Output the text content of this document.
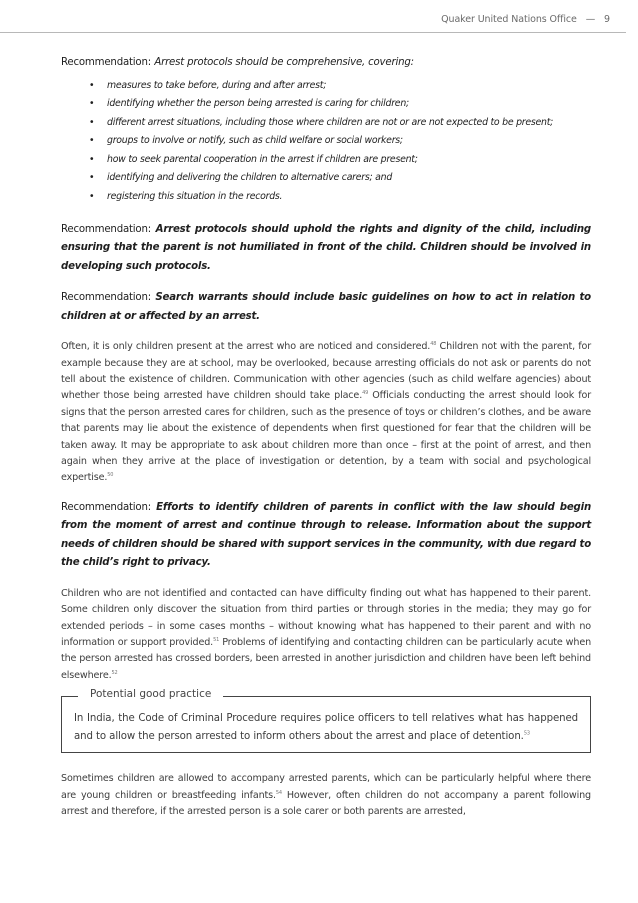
Quaker United Nations Office — 9

Recommendation: Arrest protocols should be comprehensive, covering:

• measures to take before, during and after arrest;
• identifying whether the person being arrested is caring for children;
• different arrest situations, including those where children are not or are not expected to be present;
• groups to involve or notify, such as child welfare or social workers;
• how to seek parental cooperation in the arrest if children are present;
• identifying and delivering the children to alternative carers; and
• registering this situation in the records.

Recommendation: Arrest protocols should uphold the rights and dignity of the child, including ensuring that the parent is not humiliated in front of the child. Children should be involved in developing such protocols.

Recommendation: Search warrants should include basic guidelines on how to act in relation to children at or affected by an arrest.

Often, it is only children present at the arrest who are noticed and considered.$^{48}$ Children not with the parent, for example because they are at school, may be overlooked, because arresting officials do not ask or parents do not tell about the existence of children. Communication with other agencies (such as child welfare agencies) about whether those being arrested have children should take place.$^{49}$ Officials conducting the arrest should look for signs that the person arrested cares for children, such as the presence of toys or children’s clothes, and be aware that parents may lie about the existence of dependents when first questioned for fear that the children will be taken away. It may be appropriate to ask about children more than once – first at the point of arrest, and then again when they arrive at the place of investigation or detention, by a team with social and psychological expertise.$^{50}$

Recommendation: Efforts to identify children of parents in conflict with the law should begin from the moment of arrest and continue through to release. Information about the support needs of children should be shared with support services in the community, with due regard to the child’s right to privacy.

Children who are not identified and contacted can have difficulty finding out what has happened to their parent. Some children only discover the situation from third parties or through stories in the media; they may go for extended periods – in some cases months – without knowing what has happened to their parent and with no information or support provided.$^{51}$ Problems of identifying and contacting children can be particularly acute when the person arrested has crossed borders, been arrested in another jurisdiction and children have been left behind elsewhere.$^{52}$

Potential good practice

In India, the Code of Criminal Procedure requires police officers to tell relatives what has happened and to allow the person arrested to inform others about the arrest and place of detention.$^{53}$

Sometimes children are allowed to accompany arrested parents, which can be particularly helpful where there are young children or breastfeeding infants.$^{54}$ However, often children do not accompany a parent following arrest and therefore, if the arrested person is a sole carer or both parents are arrested,
